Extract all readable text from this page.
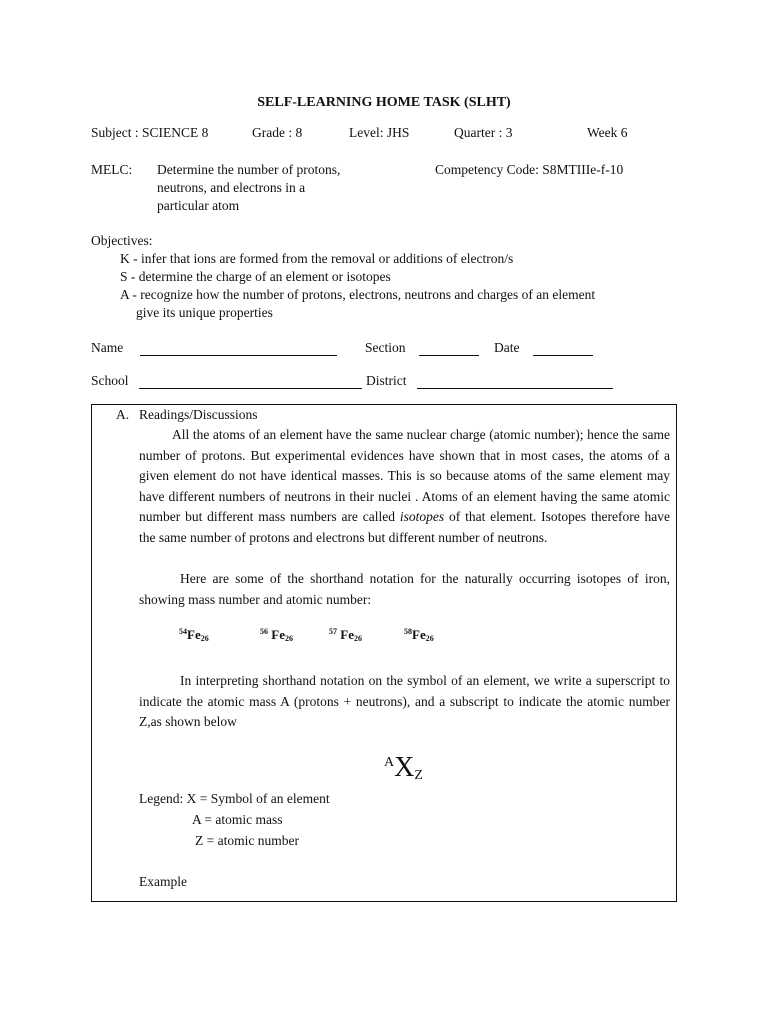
SELF-LEARNING HOME TASK (SLHT)
Subject : SCIENCE 8	Grade : 8	Level: JHS	Quarter : 3	Week 6
MELC: Determine the number of protons,
neutrons, and electrons in a
particular atom
Competency Code: S8MTIIIe-f-10
Objectives:
K - infer that ions are formed from the removal or additions of electron/s
S - determine the charge of an element or isotopes
A - recognize how the number of protons, electrons, neutrons and charges of an element
give its unique properties
Name	Section	Date
School	District
A. Readings/Discussions
All the atoms of an element have the same nuclear charge (atomic number); hence the same number of protons. But experimental evidences have shown that in most cases, the atoms of a given element do not have identical masses. This is so because atoms of the same element may have different numbers of neutrons in their nuclei . Atoms of an element having the same atomic number but different mass numbers are called isotopes of that element. Isotopes therefore have the same number of protons and electrons but different number of neutrons.
Here are some of the shorthand notation for the naturally occurring isotopes of iron, showing mass number and atomic number:
In interpreting shorthand notation on the symbol of an element, we write a superscript to indicate the atomic mass A (protons + neutrons), and a subscript to indicate the atomic number Z,as shown below
Legend: X = Symbol of an element
A = atomic mass
Z = atomic number
Example
$^{54}Fe_{26}$
$^{56}$ $Fe_{26}$
$^{57}$ $Fe_{26}$
$^{58}Fe_{26}$
$^A$XZ
